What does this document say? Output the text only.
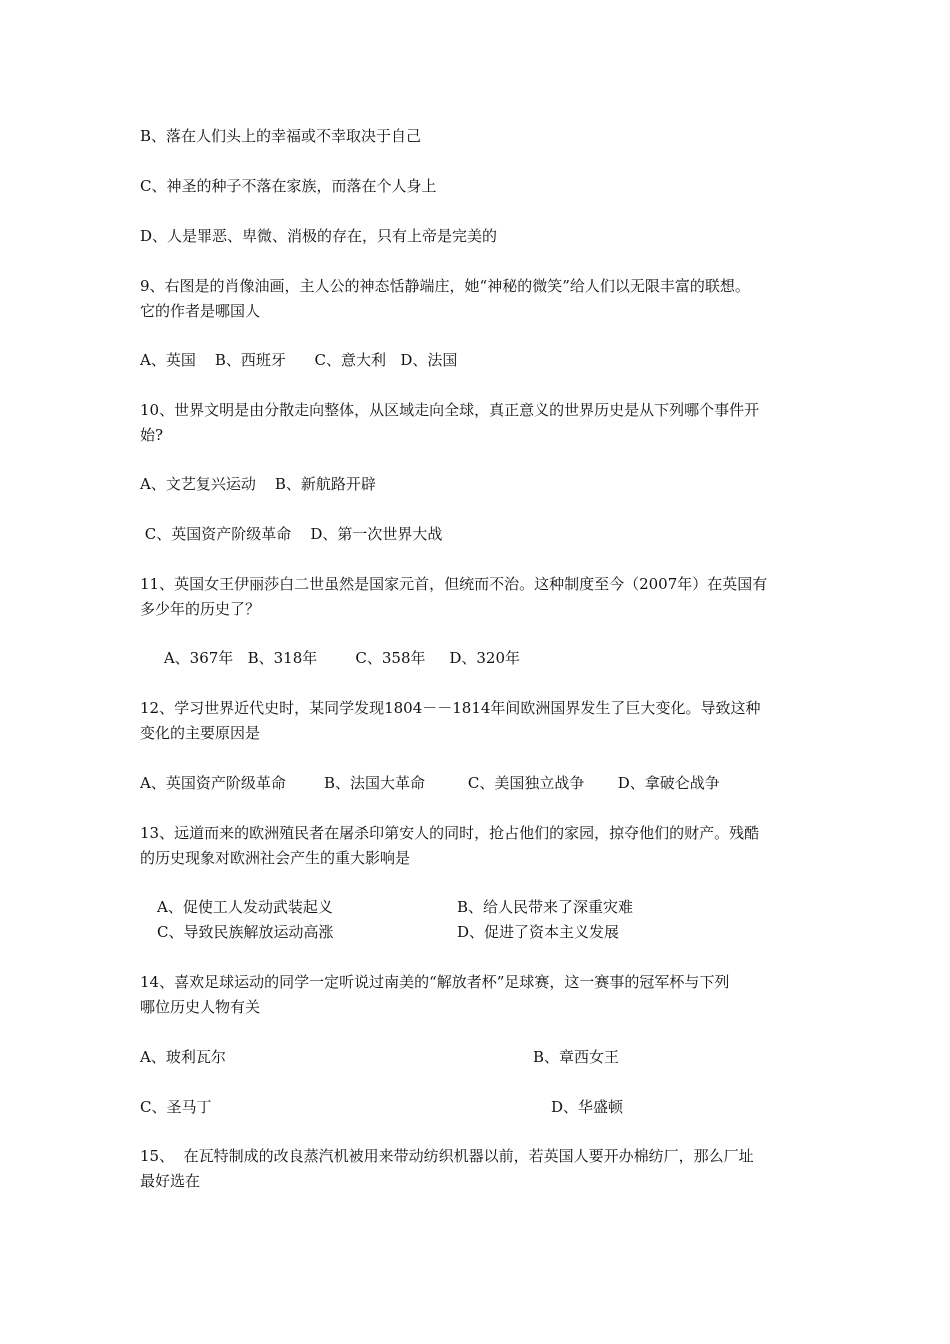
B、落在人们头上的幸福或不幸取决于自己
C、神圣的种子不落在家族，而落在个人身上
D、人是罪恶、卑微、消极的存在，只有上帝是完美的
9、右图是的肖像油画，主人公的神态恬静端庄，她“神秘的微笑”给人们以无限丰富的联想。
它的作者是哪国人
A、英国    B、西班牙      C、意大利   D、法国
10、世界文明是由分散走向整体，从区域走向全球，真正意义的世界历史是从下列哪个事件开
始?
A、文艺复兴运动    B、新航路开辟
C、英国资产阶级革命    D、第一次世界大战
11、英国女王伊丽莎白二世虽然是国家元首，但统而不治。这种制度至今（2007年）在英国有
多少年的历史了？
A、367年   B、318年        C、358年     D、320年
12、学习世界近代史时，某同学发现1804－－1814年间欧洲国界发生了巨大变化。导致这种
变化的主要原因是
A、英国资产阶级革命        B、法国大革命         C、美国独立战争       D、拿破仑战争
13、远道而来的欧洲殖民者在屠杀印第安人的同时，抢占他们的家园，掠夺他们的财产。残酷
的历史现象对欧洲社会产生的重大影响是
A、促使工人发动武装起义	B、给人民带来了深重灾难
C、导致民族解放运动高涨	D、促进了资本主义发展
14、喜欢足球运动的同学一定听说过南美的“解放者杯”足球赛，这一赛事的冠军杯与下列
哪位历史人物有关
A、玻利瓦尔	B、章西女王
C、圣马丁	D、华盛顿
15、  在瓦特制成的改良蒸汽机被用来带动纺织机器以前，若英国人要开办棉纺厂，那么厂址
最好选在
